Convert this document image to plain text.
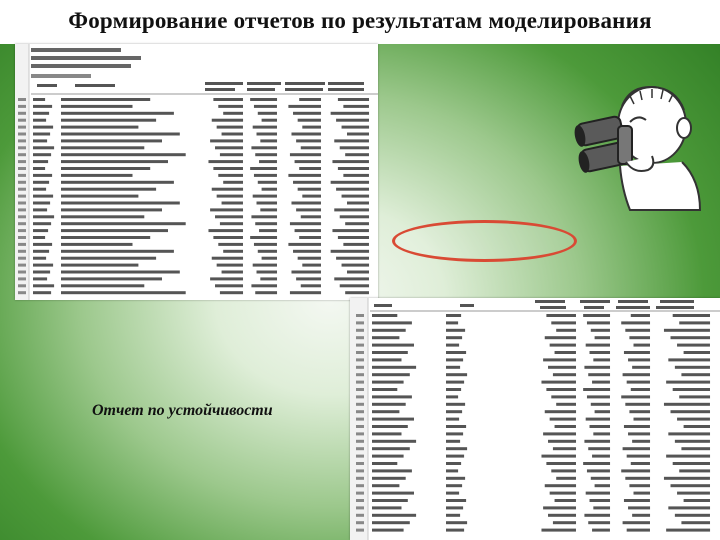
Формирование отчетов по результатам моделирования
Отчет по устойчивости
